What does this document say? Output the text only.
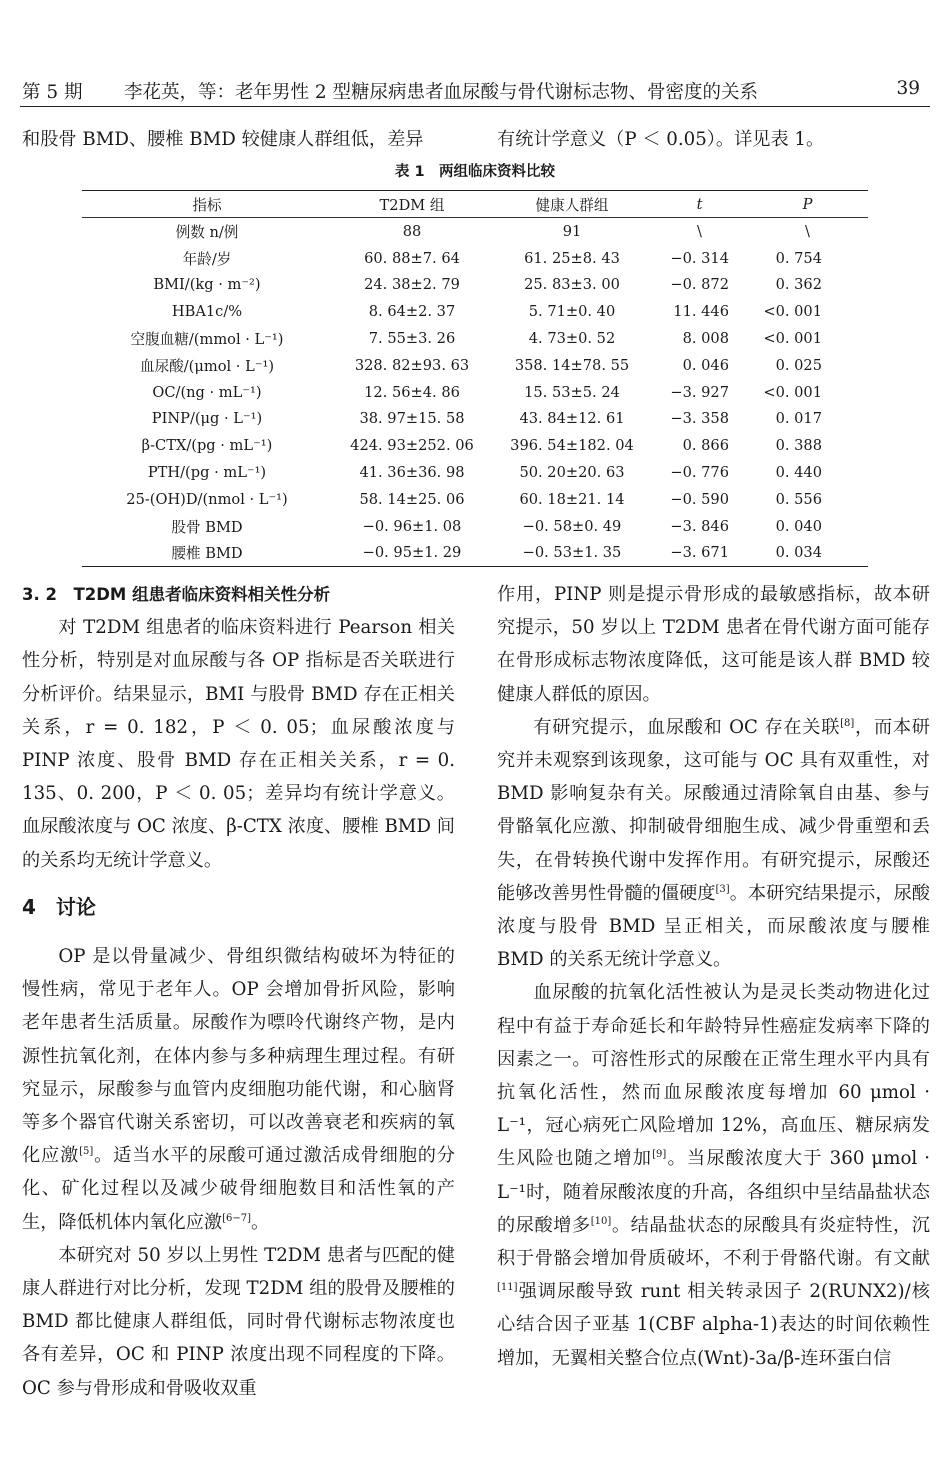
第 5 期 李花英，等：老年男性 2 型糖尿病患者血尿酸与骨代谢标志物、骨密度的关系	39
和股骨 BMD、腰椎 BMD 较健康人群组低，差异	有统计学意义（P ＜ 0.05）。详见表 1。
表 1　两组临床资料比较
指标	T2DM 组	健康人群组	t	P
例数 n/例	88	91	\	\
年龄/岁	60. 88±7. 64	61. 25±8. 43	−0. 314	0. 754
BMI/(kg · m⁻²)	24. 38±2. 79	25. 83±3. 00	−0. 872	0. 362
HBA1c/%	8. 64±2. 37	5. 71±0. 40	11. 446	<0. 001
空腹血糖/(mmol · L⁻¹)	7. 55±3. 26	4. 73±0. 52	8. 008	<0. 001
血尿酸/(μmol · L⁻¹)	328. 82±93. 63	358. 14±78. 55	0. 046	0. 025
OC/(ng · mL⁻¹)	12. 56±4. 86	15. 53±5. 24	−3. 927	<0. 001
PINP/(μg · L⁻¹)	38. 97±15. 58	43. 84±12. 61	−3. 358	0. 017
β-CTX/(pg · mL⁻¹)	424. 93±252. 06	396. 54±182. 04	0. 866	0. 388
PTH/(pg · mL⁻¹)	41. 36±36. 98	50. 20±20. 63	−0. 776	0. 440
25-(OH)D/(nmol · L⁻¹)	58. 14±25. 06	60. 18±21. 14	−0. 590	0. 556
股骨 BMD	−0. 96±1. 08	−0. 58±0. 49	−3. 846	0. 040
腰椎 BMD	−0. 95±1. 29	−0. 53±1. 35	−3. 671	0. 034

3. 2　T2DM 组患者临床资料相关性分析

对 T2DM 组患者的临床资料进行 Pearson 相关性分析，特别是对血尿酸与各 OP 指标是否关联进行分析评价。结果显示，BMI 与股骨 BMD 存在正相关关系，r = 0. 182，P ＜ 0. 05；血尿酸浓度与 PINP 浓度、股骨 BMD 存在正相关关系，r = 0. 135、0. 200，P ＜ 0. 05；差异均有统计学意义。血尿酸浓度与 OC 浓度、β-CTX 浓度、腰椎 BMD 间的关系均无统计学意义。

4　讨论

OP 是以骨量减少、骨组织微结构破坏为特征的慢性病，常见于老年人。OP 会增加骨折风险，影响老年患者生活质量。尿酸作为嘌呤代谢终产物，是内源性抗氧化剂，在体内参与多种病理生理过程。有研究显示，尿酸参与血管内皮细胞功能代谢，和心脑肾等多个器官代谢关系密切，可以改善衰老和疾病的氧化应激[5]。适当水平的尿酸可通过激活成骨细胞的分化、矿化过程以及减少破骨细胞数目和活性氧的产生，降低机体内氧化应激[6−7]。

本研究对 50 岁以上男性 T2DM 患者与匹配的健康人群进行对比分析，发现 T2DM 组的股骨及腰椎的 BMD 都比健康人群组低，同时骨代谢标志物浓度也各有差异，OC 和 PINP 浓度出现不同程度的下降。OC 参与骨形成和骨吸收双重

作用，PINP 则是提示骨形成的最敏感指标，故本研究提示，50 岁以上 T2DM 患者在骨代谢方面可能存在骨形成标志物浓度降低，这可能是该人群 BMD 较健康人群低的原因。

有研究提示，血尿酸和 OC 存在关联[8]，而本研究并未观察到该现象，这可能与 OC 具有双重性，对 BMD 影响复杂有关。尿酸通过清除氧自由基、参与骨骼氧化应激、抑制破骨细胞生成、减少骨重塑和丢失，在骨转换代谢中发挥作用。有研究提示，尿酸还能够改善男性骨髓的僵硬度[3]。本研究结果提示，尿酸浓度与股骨 BMD 呈正相关，而尿酸浓度与腰椎 BMD 的关系无统计学意义。

血尿酸的抗氧化活性被认为是灵长类动物进化过程中有益于寿命延长和年龄特异性癌症发病率下降的因素之一。可溶性形式的尿酸在正常生理水平内具有抗氧化活性，然而血尿酸浓度每增加 60 μmol · L⁻¹，冠心病死亡风险增加 12%，高血压、糖尿病发生风险也随之增加[9]。当尿酸浓度大于 360 μmol · L⁻¹时，随着尿酸浓度的升高，各组织中呈结晶盐状态的尿酸增多[10]。结晶盐状态的尿酸具有炎症特性，沉积于骨骼会增加骨质破坏，不利于骨骼代谢。有文献[11]强调尿酸导致 runt 相关转录因子 2(RUNX2)/核心结合因子亚基 1(CBF alpha-1)表达的时间依赖性增加，无翼相关整合位点(Wnt)-3a/β-连环蛋白信
